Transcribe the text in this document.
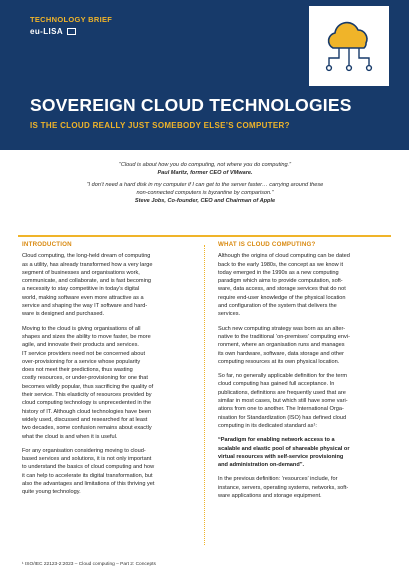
TECHNOLOGY BRIEF
eu-LISA
SOVEREIGN CLOUD TECHNOLOGIES
IS THE CLOUD REALLY JUST SOMEBODY ELSE’S COMPUTER?
“Cloud is about how you do computing, not where you do computing.”
Paul Maritz, former CEO of VMware.
“I don’t need a hard disk in my computer if I can get to the server faster… carrying around these
non-connected computers is byzantine by comparison.”
Steve Jobs, Co-founder, CEO and Chairman of Apple
INTRODUCTION

Cloud computing, the long-held dream of computing
as a utility, has already transformed how a very large
segment of businesses and organisations work,
communicate, and collaborate, and is fast becoming
a necessity to stay competitive in today’s digital
world, making software even more attractive as a
service and shaping the way IT software and hard-
ware is designed and purchased.

Moving to the cloud is giving organisations of all
shapes and sizes the ability to move faster, be more
agile, and innovate their products and services.
IT service providers need not be concerned about
over-provisioning for a service whose popularity
does not meet their predictions, thus wasting
costly resources, or under-provisioning for one that
becomes wildly popular, thus sacrificing the quality of
their service. This elasticity of resources provided by
cloud computing technology is unprecedented in the
history of IT. Although cloud technologies have been
widely used, discussed and researched for at least
two decades, some confusion remains about exactly
what the cloud is and when it is useful.

For any organisation considering moving to cloud-
based services and solutions, it is not only important
to understand the basics of cloud computing and how
it can help to accelerate its digital transformation, but
also the advantages and limitations of this thriving yet
quite young technology.

WHAT IS CLOUD COMPUTING?

Although the origins of cloud computing can be dated
back to the early 1980s, the concept as we know it
today emerged in the 1990s as a new computing
paradigm which aims to provide computation, soft-
ware, data access, and storage services that do not
require end-user knowledge of the physical location
and configuration of the system that delivers the
services.

Such new computing strategy was born as an alter-
native to the traditional ‘on-premises’ computing envi-
ronment, where an organisation runs and manages
its own hardware, software, data storage and other
computing resources at its own physical location.

So far, no generally applicable definition for the term
cloud computing has gained full acceptance. In
publications, definitions are frequently used that are
similar in most cases, but which still have some vari-
ations from one to another. The International Orga-
nisation for Standardization (ISO) has defined cloud
computing in its dedicated standard as¹:

“Paradigm for enabling network access to a
scalable and elastic pool of shareable physical or
virtual resources with self-service provisioning
and administration on-demand”.

In the previous definition: ‘resources’ include, for
instance, servers, operating systems, networks, soft-
ware applications and storage equipment.

¹ ISO/IEC 22123-2:2023 – Cloud computing – Part 2: Concepts
